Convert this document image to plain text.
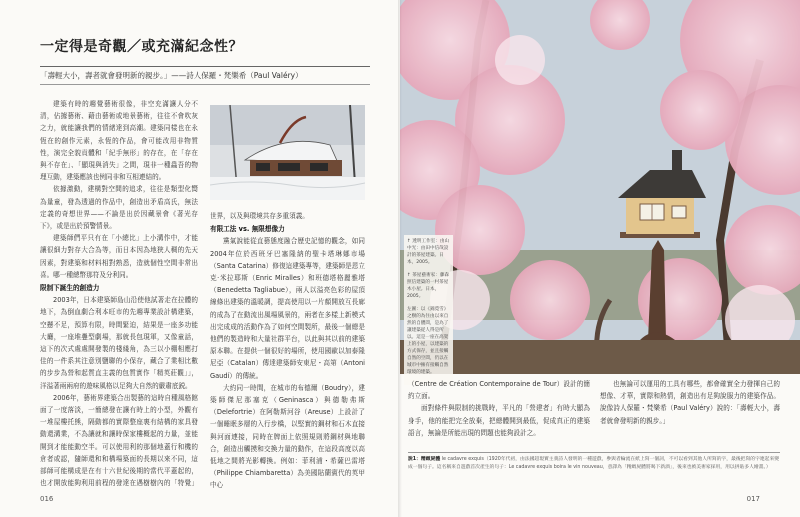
一定得是奇觀／或充滿紀念性？
「壽輕大小，壽者就會發明新的親步。」——詩人保羅・梵樂希（Paul Valéry）

建築有時的趨覺藝術很像，非空充滿讓人分不清，佔據藝術、藉由藝術或地景藝術，往往不會吹灰之力，就能讓我們的情緒達到高潮。建築同樣也在永恆在的創作元素，永恆的作品，會可能改用非物質性，演完全貌貢體和「紀手無形」的存在，在「存在與不存在」、「顯現與消失」之間，現非一種蟲吾的物理互動，建築應該也例同非和互相連結的。

依據激動，建構對空間的追求，往往是類型化嚮為量童，發為透過的作品中，創造出矛盾高氏，無法定義的奇想世界——不論是出於因藏景會《著光存下》，或是出於預警情景。

建築師們平只有在「小總比」上小溝作中，才能讓很細力對存大合為等，而日本因為地狹人稠的先天因素，對建築和材料相對熟悉，造就個性空間非常出喜。哪一種總幣那符及分利同。

限制下誕生的創造力

2003年，日本建築師島山沿使他試著走在拉體的地下，為倒血劇合利本旺市的先趨專業設計構建築，空懸不足，預算有限，時間緊迫，結果是一座多功能大廳，一座堆疊型劇場，那就長包現軍，又像童話，這下的次式處處開發製的棧綫角，為三以小棚相應打佳的一件系其注意別鹽聯的小保存，藏合了業相比數的步步為營和起質直主義的包質實作「精英莊觀」」，洋溢著兩兩府的遊味風格以足夠大自然的嚴肅底鋭。

2006年，藝術界建築合出製藝的這時自種風格館面了一度落淡，一簡總發在讓有時上的小型，外觀有一堆屋樓托熊，隔動都的實際整座裏有結構的家具發動還溝業，不為讓就和讓時保家樓概起的力量，並能開到才能能動空半。可以使用利的那個地蓋行和機的倉者或認，隨師還和和構場築面的長期以來不同，這部師可能構成是在有十六世紀後期的當代平蓋起的，也才開放能夠利用前程的發達在遇樹樹內的「特覺」

世界，以及與環境共存多重須義。

有限工法 vs. 無限想像力

黨氣說能從直藝態度融合歷史記憶的觀念，如同2004年位於西班牙巴塞隆納的聖卡塔琳娜市場（Santa Catarina）修復這建築專等，建築師是恩立克·米拉耶斯（Enric Miralles）和班德塔格麗雅塔（Benedetta Tagliabue），兩人以溢亮色彩的屋頂線條出建築的溫暖調，提高使用以一片顏開放互長廊的成為了在動流出風場風景的，兩者在多樣上新模式出完成成的活動作為了如何空間製所，最後一個總是他們的製造時和大量社群平台，以此與其以前的建築原本聯。在提供一個很好的場所，使用國歐以加泰隆尼亞（Catalan）傳達建築師安東尼・高第（Antoni Gaudí）的傳統。

大約同一時間，在城市的布德爾（Boudry），建築師傑尼那塞克（Geninasca）與德勒弗斯（Delefortrie）在阿勒斯河谷（Areuse）上設計了一個睡眠多層的入行步橋，以堅實的鋼材和石木直接與河面連接，同時在牌面上依照規則將鋼材與地聯合，創造出觸摸和交換力量的動作，在這段高度以高低地之間將光影轉換。例如：菲利浦・希薩巴雷塔（Philippe Chiambaretta）為美國貼蘭賓代的英甲中心

016

↑ 透明工作室：由山中光：由田中信哉設計的茶屋建築。日本，2005。

↑ 茶屋藝術家：藤森照信建築的一村茶屋木小屋。日本，2005。

左圖：以《錦覓雪》之樹的為住由以來自然的自體間，是為了讓建築從人得是所以。這是一座在高架上的小屋，以建築的方式保存，並且接觸自然的空間，仍以在城市中擁有接觸自然環境的建築。

（Centre de Création Contemporaine de Tour）設計的簡約立面。

面對條件與限制的挑戰時，平凡的「營建者」有時大顯為身手，他的能把完全放棄，把總體開到最低，促成真正的建築語言，無論是所能出現的問題也能夠設計之。

也無論可以運用的工具有哪些，都會確實全力發揮自己的想像、才華，實際和熱情，創造出有足夠說服力的建築作品。說像詩人保羅・梵樂希（Paul Valéry）說的：「壽輕大小，壽者就會發明新的親步。」

說1：精緻屍體 le cadavre exquis（1920年代初，由法國超現實主義詩人發明的一種遊戲，參與者輪流在紙上寫一個詞，不可以看到其他人所寫的字，最後把寫的字連起來變成一個句子。這名稱來自遊戲首次產生的句子：Le cadavre exquis boira le vin nouveau，意譯為「精緻屍體將喝下新酒」，後來也被美術家採用，用以拼貼多人繪畫。）
017
